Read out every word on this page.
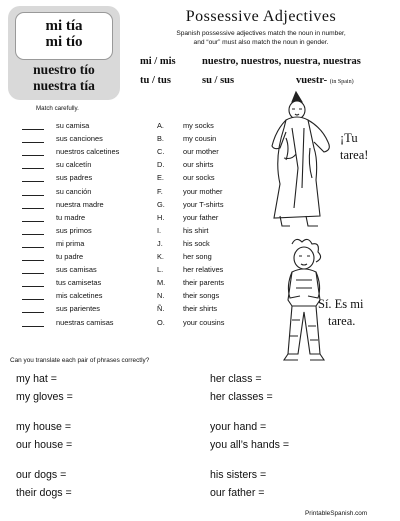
mi tía
mi tío
nuestro tío
nuestra tía
Possessive Adjectives
Spanish possessive adjectives match the noun in number,
and “our” must also match the noun in gender.
mi / mis	nuestro, nuestros, nuestra, nuestras
tu / tus	su / sus	vuestr- (in Spain)
Match carefully.
su camisa	A.	my socks
sus canciones	B.	my cousin
nuestros calcetines	C.	our mother
su calcetín	D.	our shirts
sus padres	E.	our socks
su canción	F.	your mother
nuestra madre	G. your T-shirts
tu madre	H.	your father
sus primos	I.	his shirt
mi prima	J.	his sock
tu padre	K.	her song
sus camisas	L.	her relatives
tus camisetas	M. their parents
mis calcetines	N.	their songs
sus parientes	Ñ.	their shirts
nuestras camisas	O. your cousins
¡Tu
tarea!
Sí. Es mi
tarea.
Can you translate each pair of phrases correctly?
my hat =
my gloves =
my house =
our house =
our dogs =
their dogs =
her class =
her classes =
your hand =
you all’s hands =
his sisters =
our father =
PrintableSpanish.com
